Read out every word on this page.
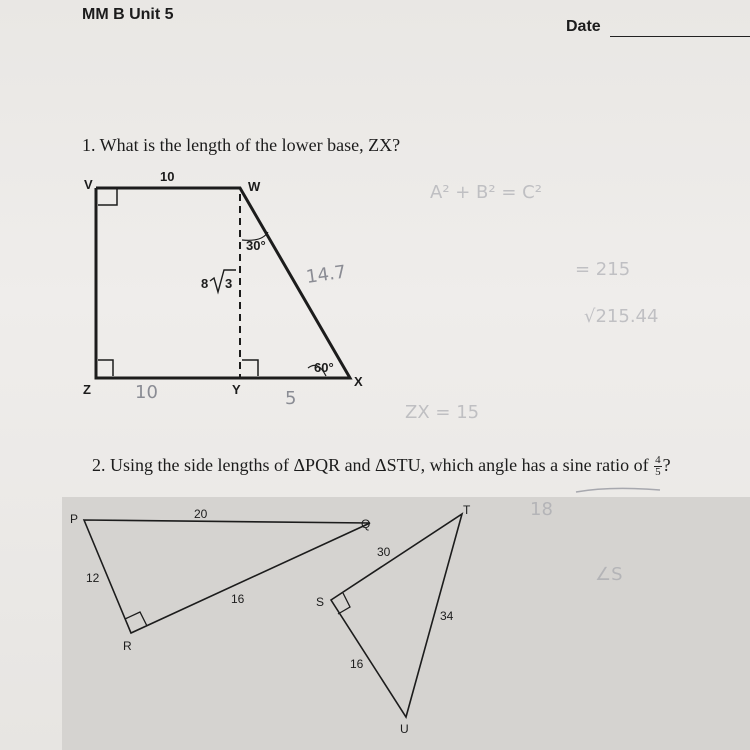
MM B Unit 5
Date
1. What is the length of the lower base, ZX?
2. Using the side lengths of ΔPQR and ΔSTU, which angle has a sine ratio of $\frac{4}{5}$ ?
V	W
X
Y
Z
10
30°
60°
8 3
10	5
14.7
A² + B² = C²
= 215
√215.44
ZX = 15
P	Q
R
20
12
16	S
T
U
30
34
16
18
∠S
